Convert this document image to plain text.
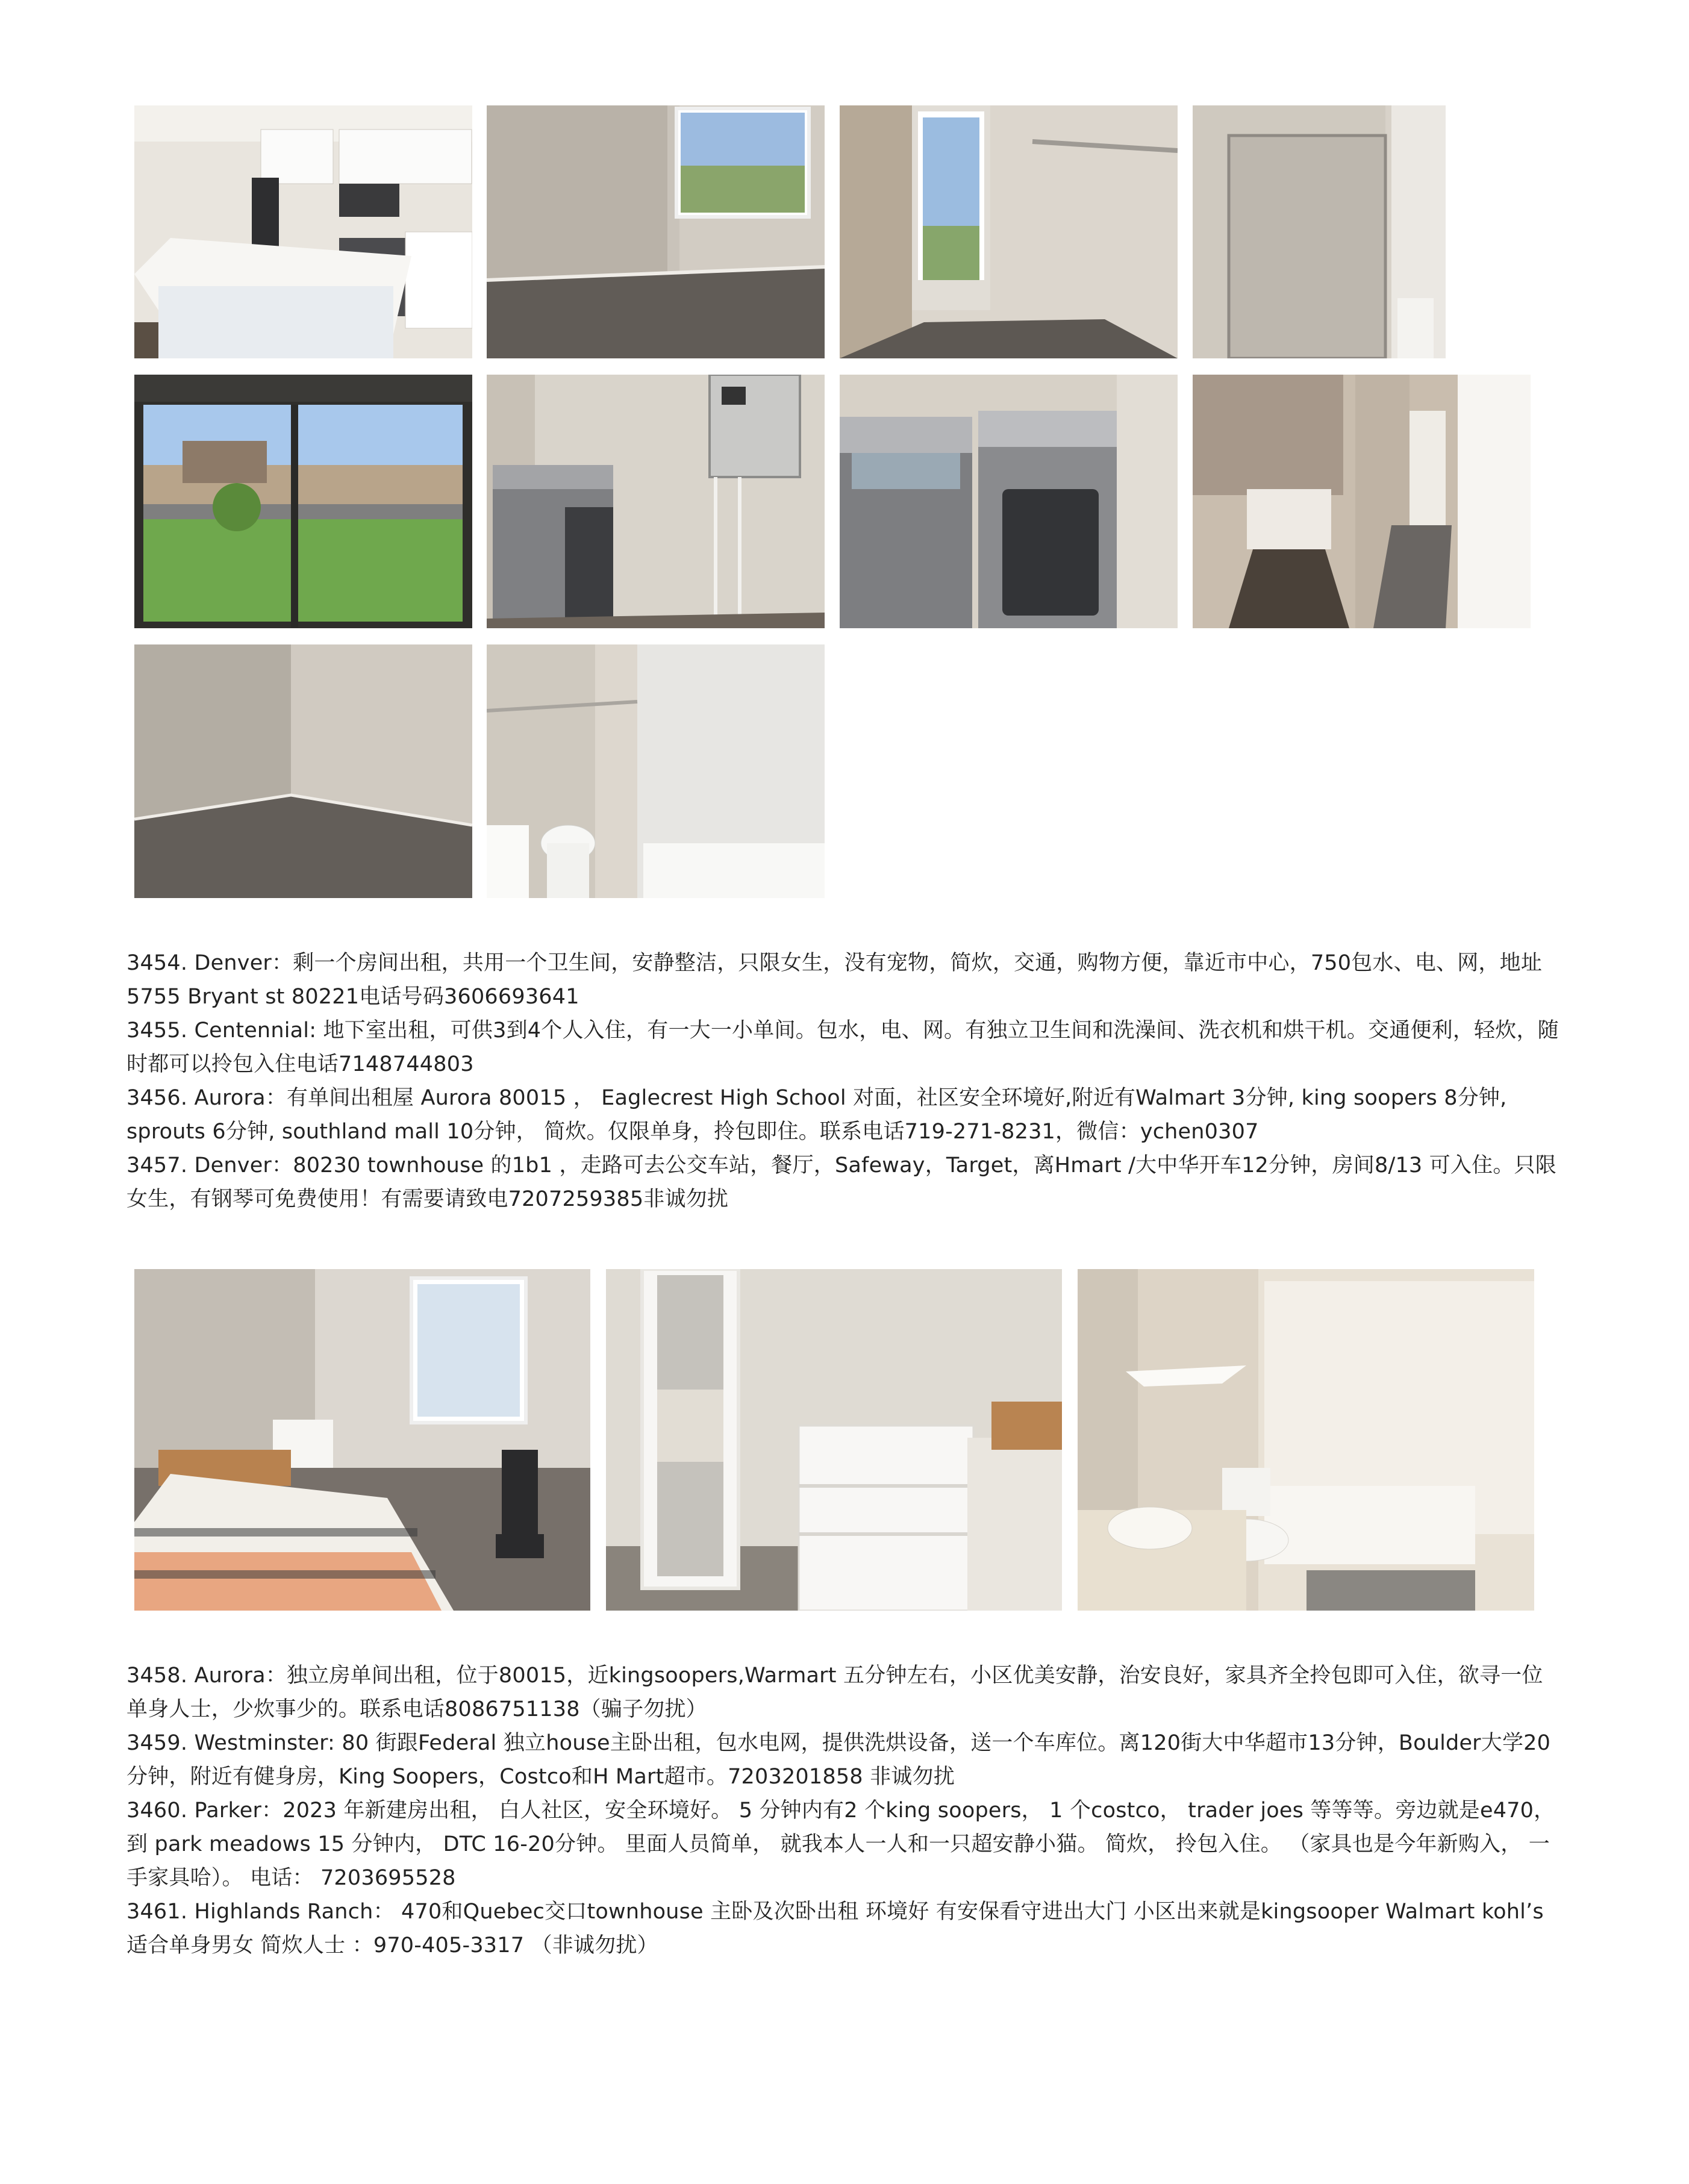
3454. Denver：剩一个房间出租，共用一个卫生间，安静整洁，只限女生，没有宠物，简炊，交通，购物方便，靠近市中心，750包水、电、网，地址5755 Bryant st 80221电话号码3606693641

3455. Centennial: 地下室出租，可供3到4个人入住，有一大一小单间。包水，电、网。有独立卫生间和洗澡间、洗衣机和烘干机。交通便利，轻炊，随时都可以拎包入住电话7148744803

3456. Aurora：有单间出租屋 Aurora 80015 ， Eaglecrest High School 对面，社区安全环境好,附近有Walmart 3分钟, king soopers 8分钟, sprouts 6分钟, southland mall 10分钟， 简炊。仅限单身，拎包即住。联系电话719-271-8231，微信：ychen0307

3457. Denver：80230 townhouse 的1b1 ，走路可去公交车站，餐厅，Safeway，Target，离Hmart /大中华开车12分钟，房间8/13 可入住。只限女生，有钢琴可免费使用！有需要请致电7207259385非诚勿扰

3458. Aurora：独立房单间出租，位于80015，近kingsoopers,Warmart 五分钟左右，小区优美安静，治安良好，家具齐全拎包即可入住，欲寻一位单身人士，少炊事少的。联系电话8086751138（骗子勿扰）

3459. Westminster: 80 街跟Federal 独立house主卧出租，包水电网，提供洗烘设备，送一个车库位。离120街大中华超市13分钟，Boulder大学20分钟，附近有健身房，King Soopers，Costco和H Mart超市。7203201858 非诚勿扰

3460. Parker：2023 年新建房出租， 白人社区，安全环境好。 5 分钟内有2 个king soopers， 1 个costco， trader joes 等等等。旁边就是e470，到 park meadows 15 分钟内， DTC 16-20分钟。 里面人员简单， 就我本人一人和一只超安静小猫。 简炊， 拎包入住。 （家具也是今年新购入， 一手家具哈）。 电话： 7203695528

3461. Highlands Ranch： 470和Quebec交口townhouse 主卧及次卧出租 环境好 有安保看守进出大门 小区出来就是kingsooper Walmart kohl’s 适合单身男女 简炊人士 ：970-405-3317 （非诚勿扰）
